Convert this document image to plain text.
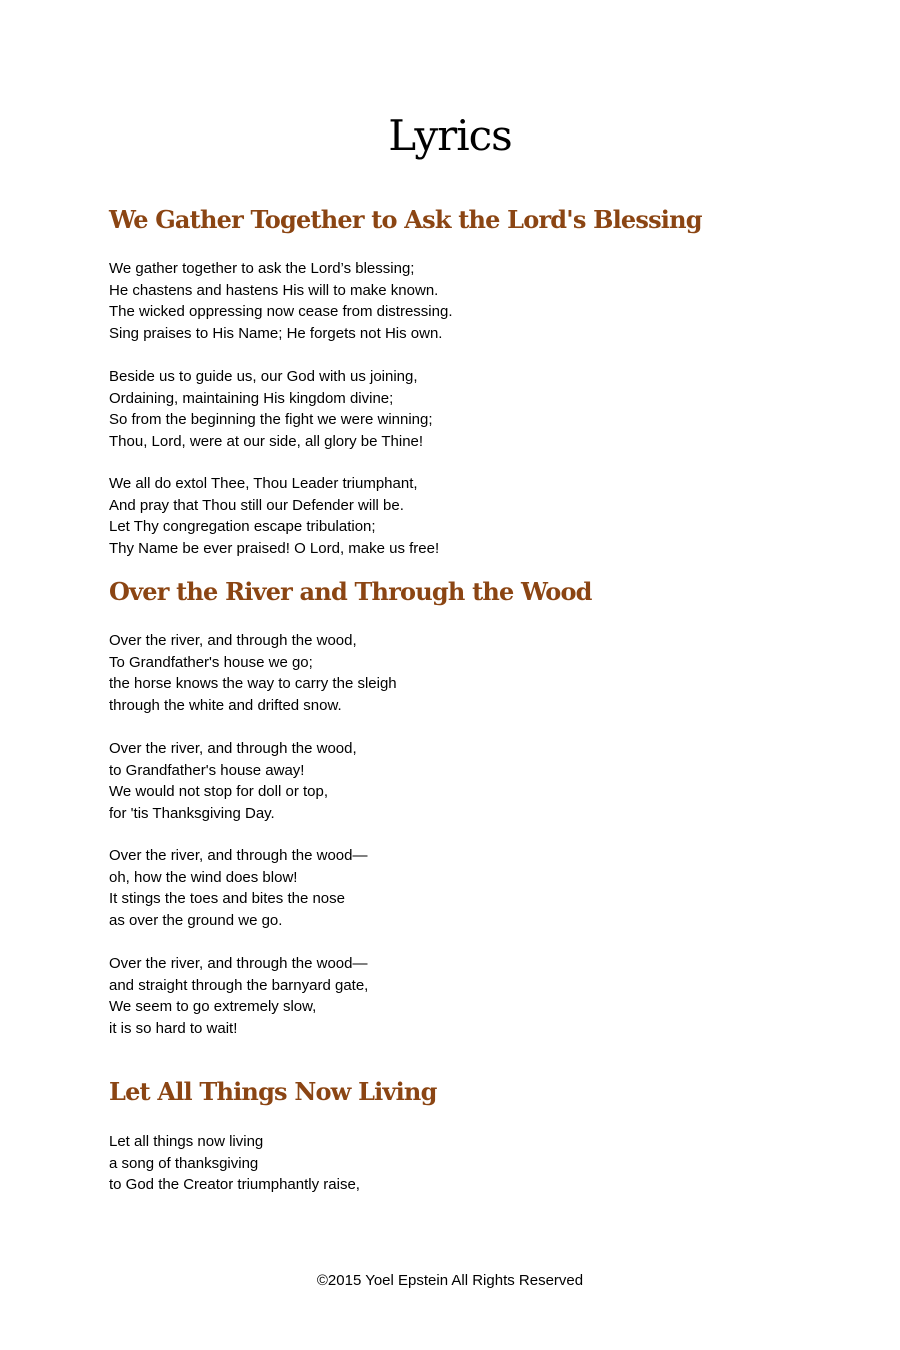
Lyrics
We Gather Together to Ask the Lord's Blessing
We gather together to ask the Lord’s blessing;
He chastens and hastens His will to make known.
The wicked oppressing now cease from distressing.
Sing praises to His Name; He forgets not His own.
Beside us to guide us, our God with us joining,
Ordaining, maintaining His kingdom divine;
So from the beginning the fight we were winning;
Thou, Lord, were at our side, all glory be Thine!
We all do extol Thee, Thou Leader triumphant,
And pray that Thou still our Defender will be.
Let Thy congregation escape tribulation;
Thy Name be ever praised! O Lord, make us free!
Over the River and Through the Wood
Over the river, and through the wood,
To Grandfather's house we go;
the horse knows the way to carry the sleigh
through the white and drifted snow.
Over the river, and through the wood,
to Grandfather's house away!
We would not stop for doll or top,
for 'tis Thanksgiving Day.
Over the river, and through the wood—
oh, how the wind does blow!
It stings the toes and bites the nose
as over the ground we go.
Over the river, and through the wood—
and straight through the barnyard gate,
We seem to go extremely slow,
it is so hard to wait!
Let All Things Now Living
Let all things now living
a song of thanksgiving
to God the Creator triumphantly raise,
©2015 Yoel Epstein All Rights Reserved
